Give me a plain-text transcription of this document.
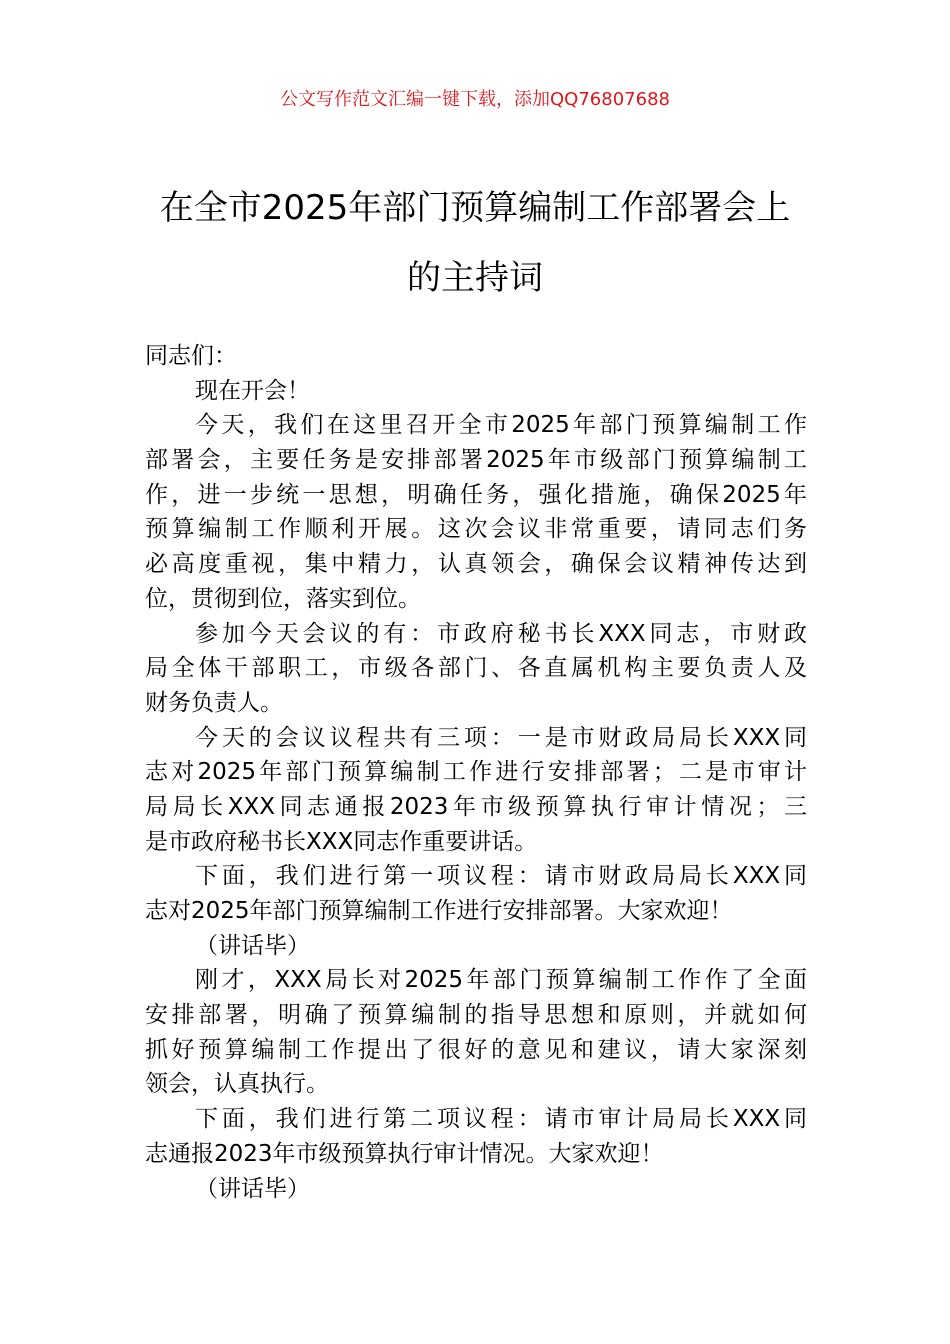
公文写作范文汇编一键下载，添加QQ76807688
在全市2025年部门预算编制工作部署会上
的主持词
同志们：
现在开会！
今天，我们在这里召开全市2025年部门预算编制工作
部署会，主要任务是安排部署2025年市级部门预算编制工
作，进一步统一思想，明确任务，强化措施，确保2025年
预算编制工作顺利开展。这次会议非常重要，请同志们务
必高度重视，集中精力，认真领会，确保会议精神传达到
位，贯彻到位，落实到位。
参加今天会议的有：市政府秘书长XXX同志，市财政
局全体干部职工，市级各部门、各直属机构主要负责人及
财务负责人。
今天的会议议程共有三项：一是市财政局局长XXX同
志对2025年部门预算编制工作进行安排部署；二是市审计
局局长XXX同志通报2023年市级预算执行审计情况；三
是市政府秘书长XXX同志作重要讲话。
下面，我们进行第一项议程：请市财政局局长XXX同
志对2025年部门预算编制工作进行安排部署。大家欢迎！
（讲话毕）
刚才，XXX局长对2025年部门预算编制工作作了全面
安排部署，明确了预算编制的指导思想和原则，并就如何
抓好预算编制工作提出了很好的意见和建议，请大家深刻
领会，认真执行。
下面，我们进行第二项议程：请市审计局局长XXX同
志通报2023年市级预算执行审计情况。大家欢迎！
（讲话毕）
